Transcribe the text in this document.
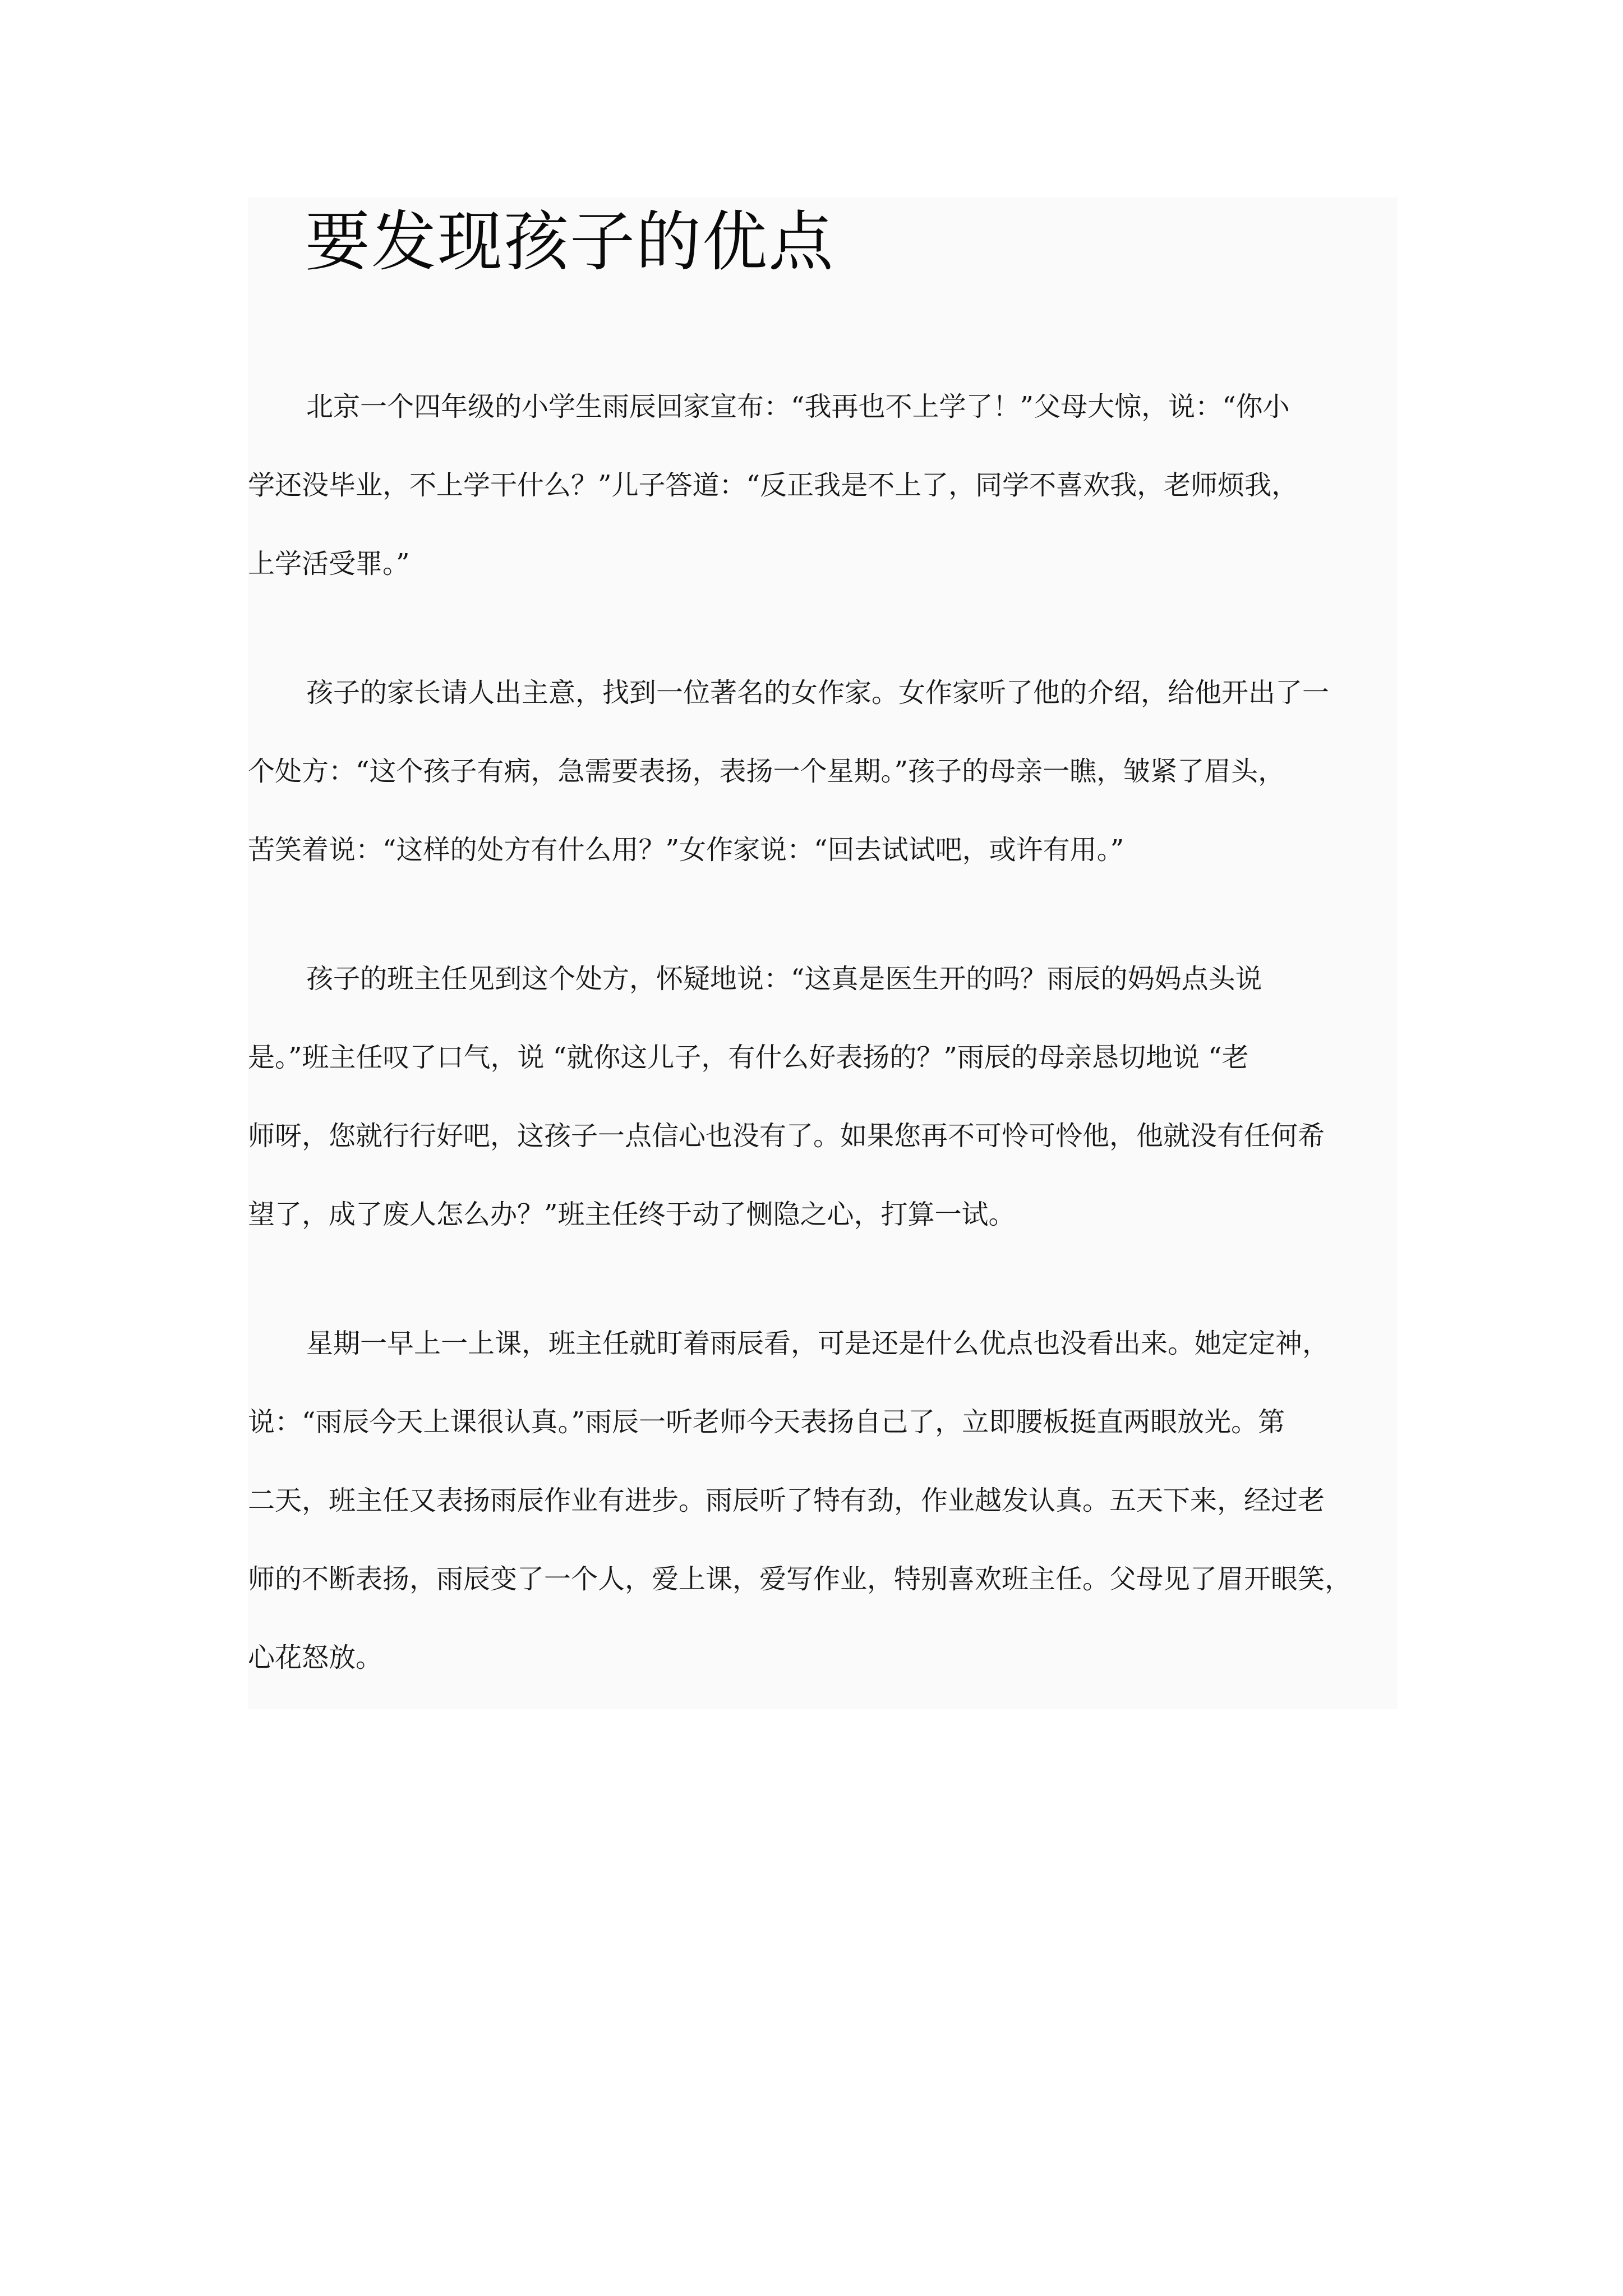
要发现孩子的优点
北京一个四年级的小学生雨辰回家宣布：“我再也不上学了！”父母大惊，说：“你小
学还没毕业，不上学干什么？”儿子答道：“反正我是不上了，同学不喜欢我，老师烦我，
上学活受罪。”
孩子的家长请人出主意，找到一位著名的女作家。女作家听了他的介绍，给他开出了一
个处方：“这个孩子有病，急需要表扬，表扬一个星期。”孩子的母亲一瞧，皱紧了眉头，
苦笑着说：“这样的处方有什么用？”女作家说：“回去试试吧，或许有用。”
孩子的班主任见到这个处方，怀疑地说：“这真是医生开的吗？雨辰的妈妈点头说
是。”班主任叹了口气，说 “就你这儿子，有什么好表扬的？”雨辰的母亲恳切地说 “老
师呀，您就行行好吧，这孩子一点信心也没有了。如果您再不可怜可怜他，他就没有任何希
望了，成了废人怎么办？”班主任终于动了恻隐之心，打算一试。
星期一早上一上课，班主任就盯着雨辰看，可是还是什么优点也没看出来。她定定神，
说：“雨辰今天上课很认真。”雨辰一听老师今天表扬自己了，立即腰板挺直两眼放光。第
二天，班主任又表扬雨辰作业有进步。雨辰听了特有劲，作业越发认真。五天下来，经过老
师的不断表扬，雨辰变了一个人，爱上课，爱写作业，特别喜欢班主任。父母见了眉开眼笑，
心花怒放。
